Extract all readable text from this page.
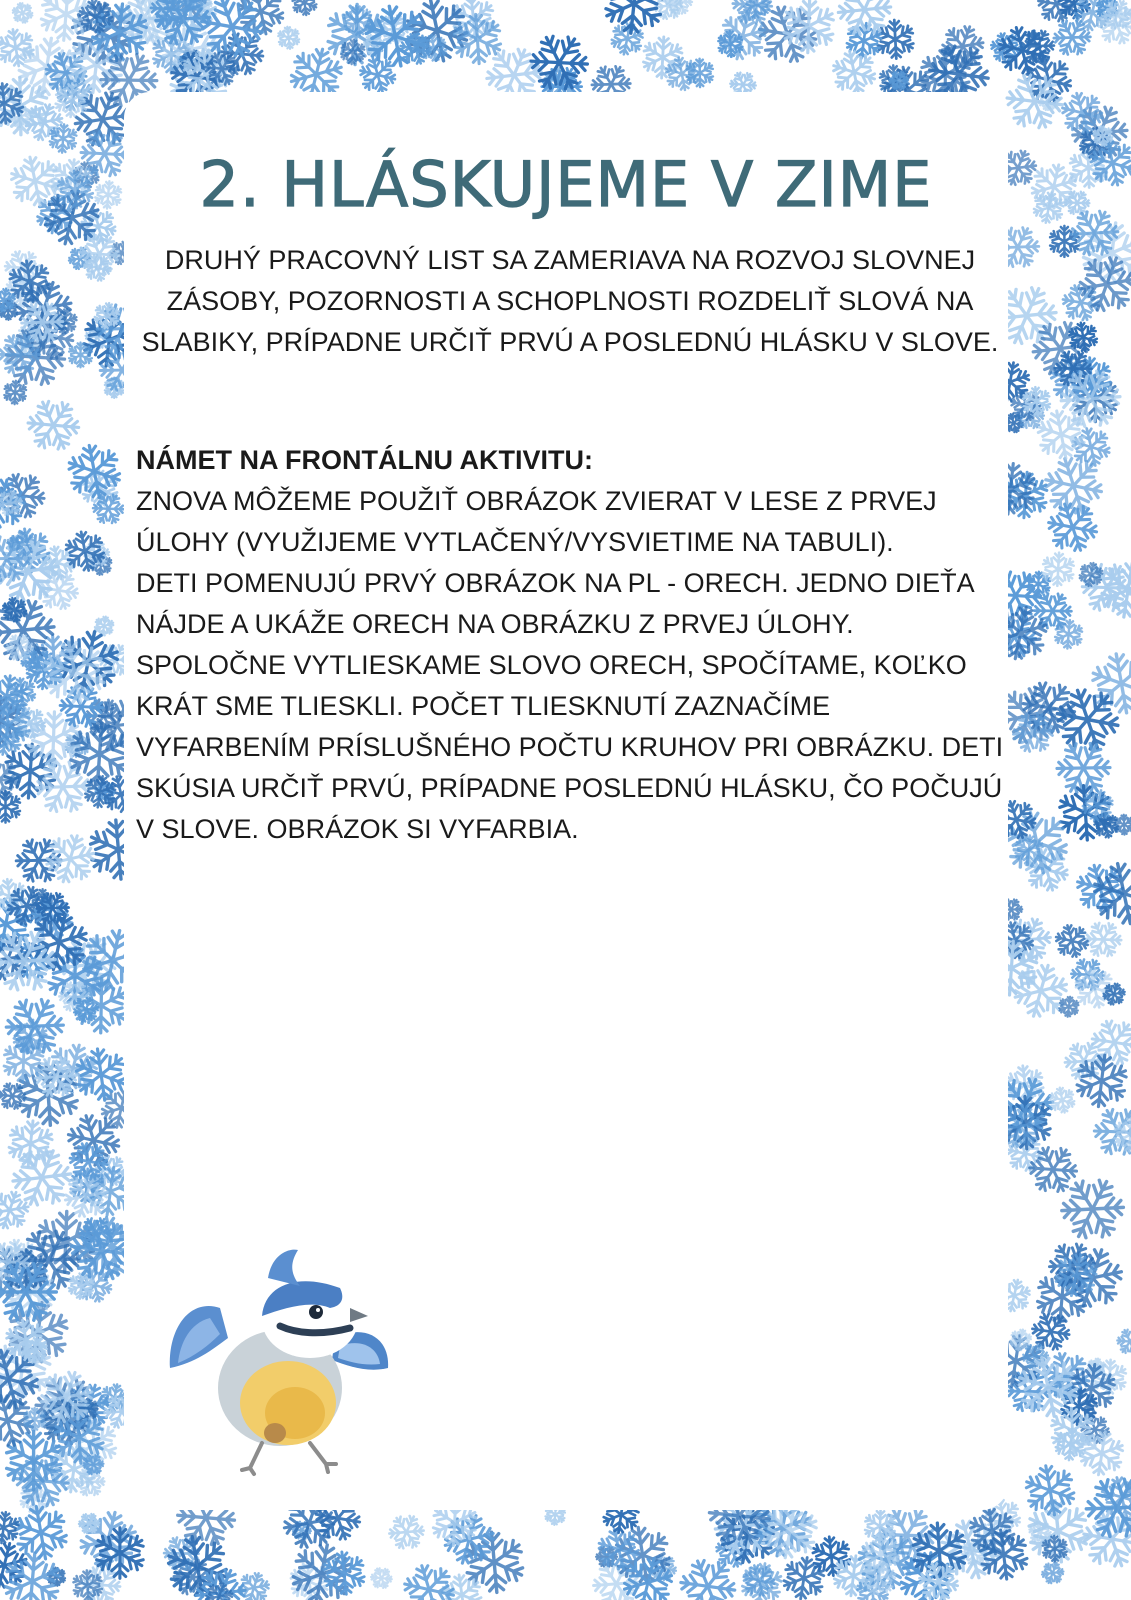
2. HLÁSKUJEME V ZIME

DRUHÝ PRACOVNÝ LIST SA ZAMERIAVA NA ROZVOJ SLOVNEJ ZÁSOBY, POZORNOSTI A SCHOPLNOSTI ROZDELIŤ SLOVÁ NA SLABIKY, PRÍPADNE URČIŤ PRVÚ A POSLEDNÚ HLÁSKU V SLOVE.

NÁMET NA FRONTÁLNU AKTIVITU:
ZNOVA MÔŽEME POUŽIŤ OBRÁZOK ZVIERAT V LESE Z PRVEJ ÚLOHY (VYUŽIJEME VYTLAČENÝ/VYSVIETIME NA TABULI).
DETI POMENUJÚ PRVÝ OBRÁZOK NA PL - ORECH. JEDNO DIEŤA NÁJDE A UKÁŽE ORECH NA OBRÁZKU Z PRVEJ ÚLOHY. SPOLOČNE VYTLIESKAME SLOVO ORECH, SPOČÍTAME, KOĽKO KRÁT SME TLIESKLI. POČET TLIESKNUTÍ ZAZNAČÍME VYFARBENÍM PRÍSLUŠNÉHO POČTU KRUHOV PRI OBRÁZKU. DETI SKÚSIA URČIŤ PRVÚ, PRÍPADNE POSLEDNÚ HLÁSKU, ČO POČUJÚ V SLOVE. OBRÁZOK SI VYFARBIA.
